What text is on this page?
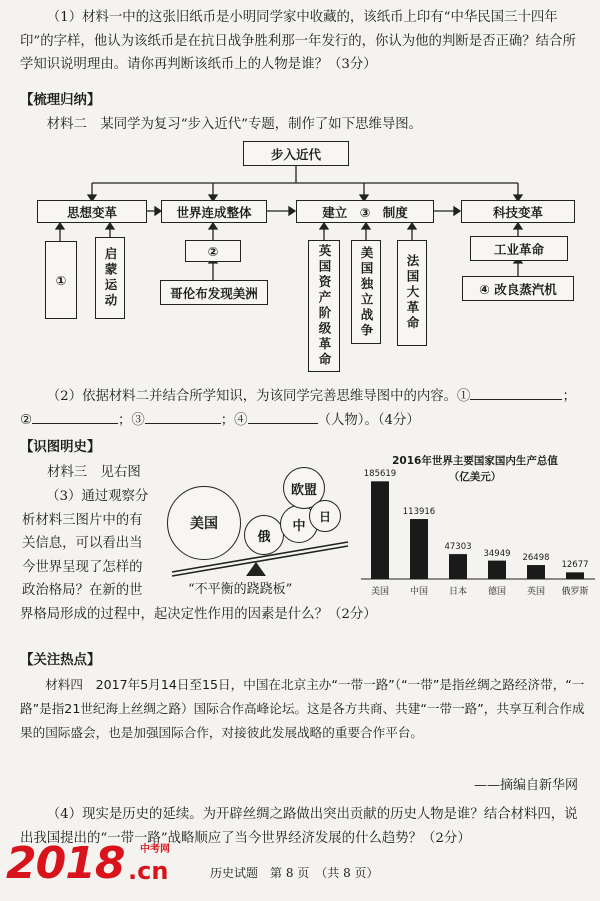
（1）材料一中的这张旧纸币是小明同学家中收藏的，该纸币上印有“中华民国三十四年印”的字样，他认为该纸币是在抗日战争胜利那一年发行的，你认为他的判断是否正确？结合所学知识说明理由。请你再判断该纸币上的人物是谁？（3分）
【梳理归纳】
材料二　某同学为复习“步入近代”专题，制作了如下思维导图。
步入近代
思想变革	世界连成整体	建立　③　制度	科技变革
①	启蒙运动	②
哥伦布发现美洲	英国资产阶级革命	美国独立战争	法国大革命
工业革命
④ 改良蒸汽机
（2）依据材料二并结合所学知识，为该同学完善思维导图中的内容。①	；
②	；③	；④	（人物）。（4分）
【识图明史】
材料三　见右图
（3）通过观察分
析材料三图片中的有
关信息，可以看出当
今世界呈现了怎样的
政治格局？在新的世
界格局形成的过程中，起决定性作用的因素是什么？（2分）
美国
俄
中
欧盟
日
“不平衡的跷跷板”
2016年世界主要国家国内生产总值
（亿美元）
185619
美国
113916
中国
47303
日本
34949
德国
26498
英国
12677
俄罗斯
【关注热点】
材料四　2017年5月14日至15日，中国在北京主办“一带一路”（“一带”是指丝绸之路经济带，“一路”是指21世纪海上丝绸之路）国际合作高峰论坛。这是各方共商、共建“一带一路”，共享互利合作成果的国际盛会，也是加强国际合作，对接彼此发展战略的重要合作平台。
——摘编自新华网
（4）现实是历史的延续。为开辟丝绸之路做出突出贡献的历史人物是谁？结合材料四，说出我国提出的“一带一路”战略顺应了当今世界经济发展的什么趋势？（2分）
2018 中考网
.cn	历史试题　第 8 页　（共 8 页）
